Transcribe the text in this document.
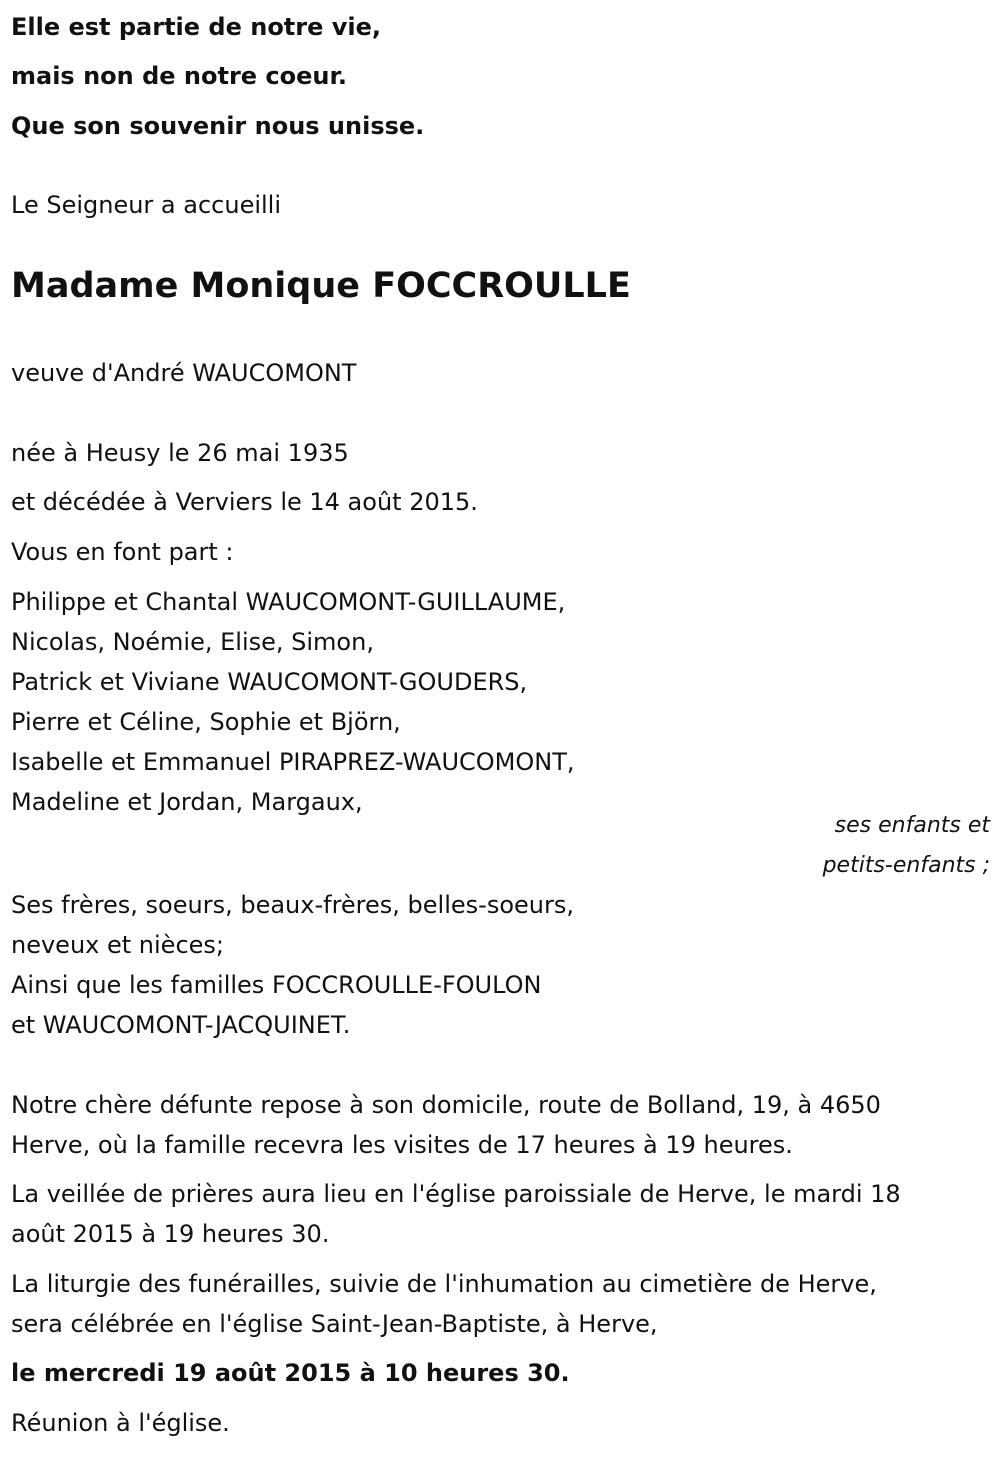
Elle est partie de notre vie,
mais non de notre coeur.
Que son souvenir nous unisse.
Le Seigneur a accueilli
Madame Monique FOCCROULLE
veuve d'André WAUCOMONT
née à Heusy le 26 mai 1935
et décédée à Verviers le 14 août 2015.
Vous en font part :
Philippe et Chantal WAUCOMONT-GUILLAUME,
Nicolas, Noémie, Elise, Simon,
Patrick et Viviane WAUCOMONT-GOUDERS,
Pierre et Céline, Sophie et Björn,
Isabelle et Emmanuel PIRAPREZ-WAUCOMONT,
Madeline et Jordan, Margaux,
ses enfants et
petits-enfants ;
Ses frères, soeurs, beaux-frères, belles-soeurs,
neveux et nièces;
Ainsi que les familles FOCCROULLE-FOULON
et WAUCOMONT-JACQUINET.
Notre chère défunte repose à son domicile, route de Bolland, 19, à 4650
Herve, où la famille recevra les visites de 17 heures à 19 heures.
La veillée de prières aura lieu en l'église paroissiale de Herve, le mardi 18
août 2015 à 19 heures 30.
La liturgie des funérailles, suivie de l'inhumation au cimetière de Herve,
sera célébrée en l'église Saint-Jean-Baptiste, à Herve,
le mercredi 19 août 2015 à 10 heures 30.
Réunion à l'église.
